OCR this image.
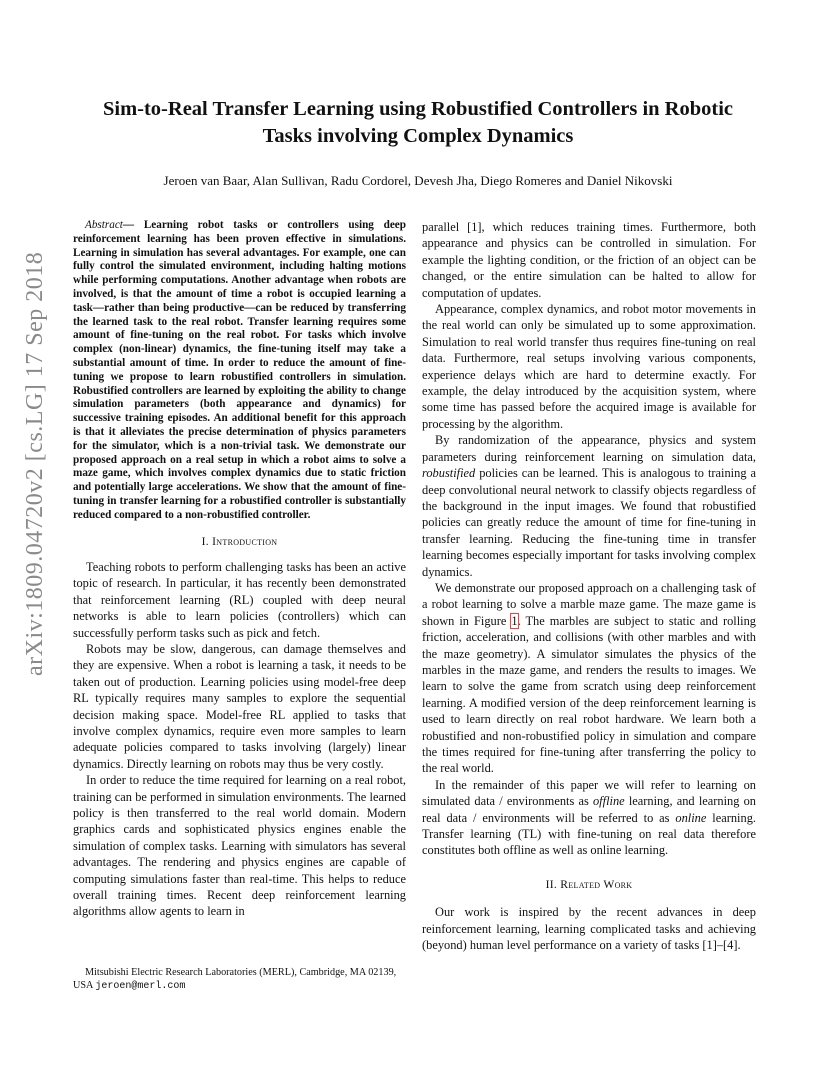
arXiv:1809.04720v2 [cs.LG] 17 Sep 2018
Sim-to-Real Transfer Learning using Robustified Controllers in Robotic Tasks involving Complex Dynamics
Jeroen van Baar, Alan Sullivan, Radu Cordorel, Devesh Jha, Diego Romeres and Daniel Nikovski
Abstract— Learning robot tasks or controllers using deep reinforcement learning has been proven effective in simulations. Learning in simulation has several advantages. For example, one can fully control the simulated environment, including halting motions while performing computations. Another advantage when robots are involved, is that the amount of time a robot is occupied learning a task—rather than being productive—can be reduced by transferring the learned task to the real robot. Transfer learning requires some amount of fine-tuning on the real robot. For tasks which involve complex (non-linear) dynamics, the fine-tuning itself may take a substantial amount of time. In order to reduce the amount of fine-tuning we propose to learn robustified controllers in simulation. Robustified controllers are learned by exploiting the ability to change simulation parameters (both appearance and dynamics) for successive training episodes. An additional benefit for this approach is that it alleviates the precise determination of physics parameters for the simulator, which is a non-trivial task. We demonstrate our proposed approach on a real setup in which a robot aims to solve a maze game, which involves complex dynamics due to static friction and potentially large accelerations. We show that the amount of fine-tuning in transfer learning for a robustified controller is substantially reduced compared to a non-robustified controller.
I. Introduction

Teaching robots to perform challenging tasks has been an active topic of research. In particular, it has recently been demonstrated that reinforcement learning (RL) coupled with deep neural networks is able to learn policies (controllers) which can successfully perform tasks such as pick and fetch.

Robots may be slow, dangerous, can damage themselves and they are expensive. When a robot is learning a task, it needs to be taken out of production. Learning policies using model-free deep RL typically requires many samples to explore the sequential decision making space. Model-free RL applied to tasks that involve complex dynamics, require even more samples to learn adequate policies compared to tasks involving (largely) linear dynamics. Directly learning on robots may thus be very costly.

In order to reduce the time required for learning on a real robot, training can be performed in simulation environments. The learned policy is then transferred to the real world domain. Modern graphics cards and sophisticated physics engines enable the simulation of complex tasks. Learning with simulators has several advantages. The rendering and physics engines are capable of computing simulations faster than real-time. This helps to reduce overall training times. Recent deep reinforcement learning algorithms allow agents to learn in

parallel [1], which reduces training times. Furthermore, both appearance and physics can be controlled in simulation. For example the lighting condition, or the friction of an object can be changed, or the entire simulation can be halted to allow for computation of updates.

Appearance, complex dynamics, and robot motor movements in the real world can only be simulated up to some approximation. Simulation to real world transfer thus requires fine-tuning on real data. Furthermore, real setups involving various components, experience delays which are hard to determine exactly. For example, the delay introduced by the acquisition system, where some time has passed before the acquired image is available for processing by the algorithm.

By randomization of the appearance, physics and system parameters during reinforcement learning on simulation data, robustified policies can be learned. This is analogous to training a deep convolutional neural network to classify objects regardless of the background in the input images. We found that robustified policies can greatly reduce the amount of time for fine-tuning in transfer learning. Reducing the fine-tuning time in transfer learning becomes especially important for tasks involving complex dynamics.

We demonstrate our proposed approach on a challenging task of a robot learning to solve a marble maze game. The maze game is shown in Figure 1. The marbles are subject to static and rolling friction, acceleration, and collisions (with other marbles and with the maze geometry). A simulator simulates the physics of the marbles in the maze game, and renders the results to images. We learn to solve the game from scratch using deep reinforcement learning. A modified version of the deep reinforcement learning is used to learn directly on real robot hardware. We learn both a robustified and non-robustified policy in simulation and compare the times required for fine-tuning after transferring the policy to the real world.

In the remainder of this paper we will refer to learning on simulated data / environments as offline learning, and learning on real data / environments will be referred to as online learning. Transfer learning (TL) with fine-tuning on real data therefore constitutes both offline as well as online learning.

II. Related Work

Our work is inspired by the recent advances in deep reinforcement learning, learning complicated tasks and achieving (beyond) human level performance on a variety of tasks [1]–[4].

Mitsubishi Electric Research Laboratories (MERL), Cambridge, MA 02139, USA jeroen@merl.com
